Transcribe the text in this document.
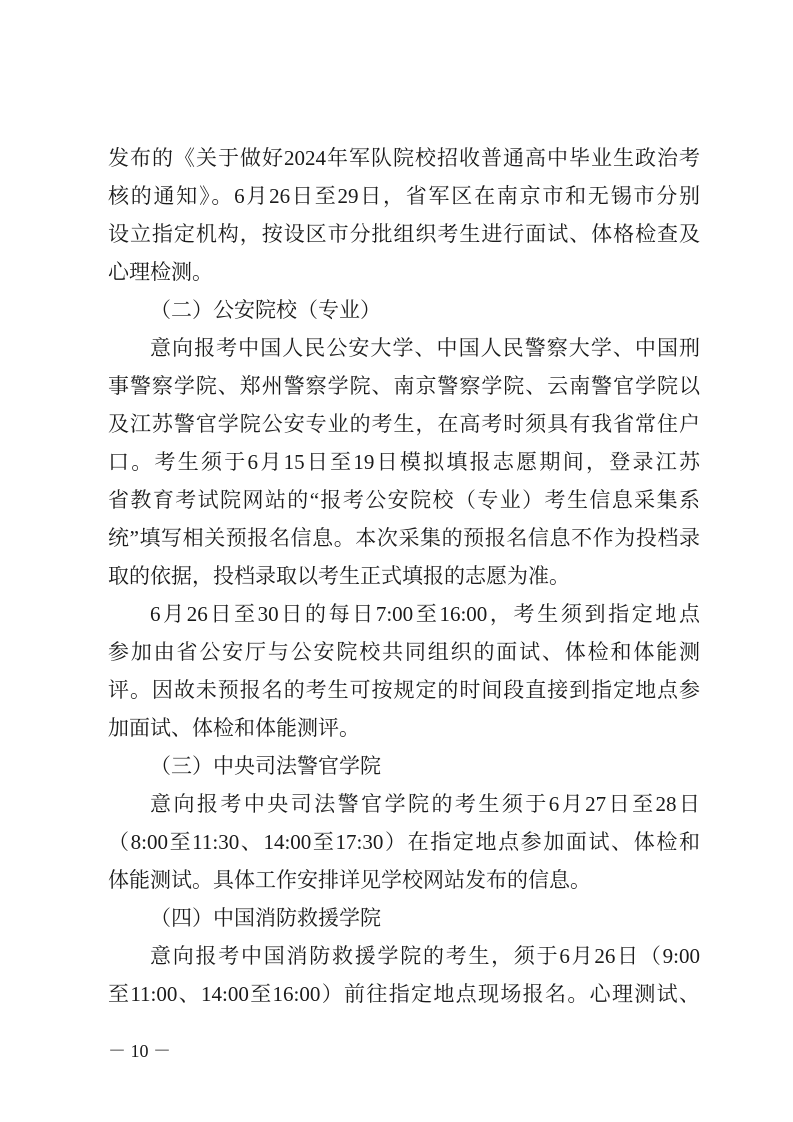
发布的《关于做好2024年军队院校招收普通高中毕业生政治考
核的通知》。6月26日至29日，省军区在南京市和无锡市分别
设立指定机构，按设区市分批组织考生进行面试、体格检查及
心理检测。
（二）公安院校（专业）
意向报考中国人民公安大学、中国人民警察大学、中国刑
事警察学院、郑州警察学院、南京警察学院、云南警官学院以
及江苏警官学院公安专业的考生，在高考时须具有我省常住户
口。考生须于6月15日至19日模拟填报志愿期间，登录江苏
省教育考试院网站的“报考公安院校（专业）考生信息采集系
统”填写相关预报名信息。本次采集的预报名信息不作为投档录
取的依据，投档录取以考生正式填报的志愿为准。
6月26日至30日的每日7:00至16:00，考生须到指定地点
参加由省公安厅与公安院校共同组织的面试、体检和体能测
评。因故未预报名的考生可按规定的时间段直接到指定地点参
加面试、体检和体能测评。
（三）中央司法警官学院
意向报考中央司法警官学院的考生须于6月27日至28日
（8:00至11:30、14:00至17:30）在指定地点参加面试、体检和
体能测试。具体工作安排详见学校网站发布的信息。
（四）中国消防救援学院
意向报考中国消防救援学院的考生，须于6月26日（9:00
至11:00、14:00至16:00）前往指定地点现场报名。心理测试、
－ 10 －
